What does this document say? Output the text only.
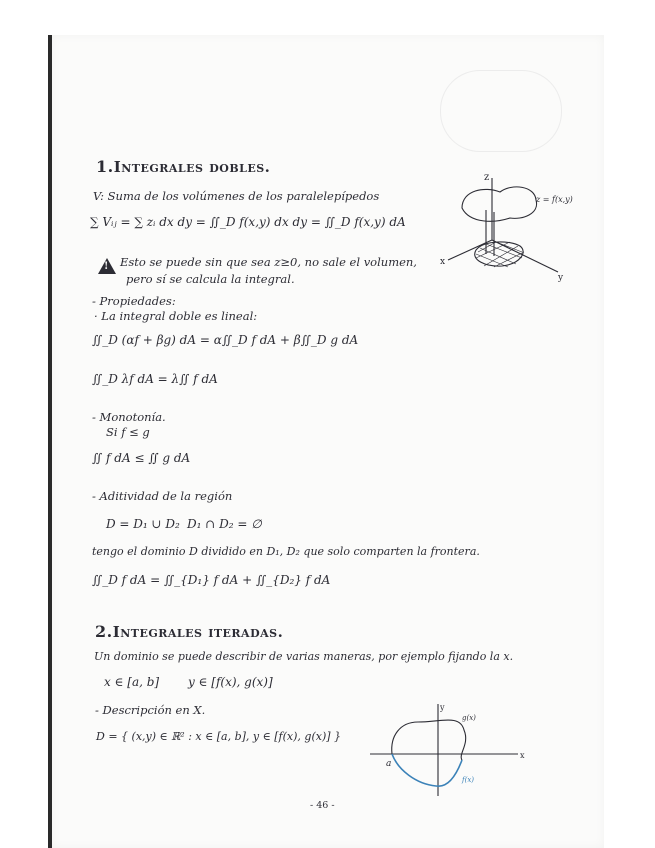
1.Integrales dobles.
V: Suma de los volúmenes de los paralelepípedos
∑ Vᵢⱼ = ∑ zᵢ dx dy = ∬_D f(x,y) dx dy = ∬_D f(x,y) dA
!
Esto se puede sin que sea z≥0, no sale el volumen,
pero sí se calcula la integral.
- Propiedades:
· La integral doble es lineal:
∬_D (αf + βg) dA = α∬_D f dA + β∬_D g dA
∬_D λf dA = λ∬ f dA
- Monotonía.
Si f ≤ g
∬ f dA ≤ ∬ g dA
- Aditividad de la región
D = D₁ ∪ D₂ D₁ ∩ D₂ = ∅
tengo el dominio D dividido en D₁, D₂ que solo comparten la frontera.
∬_D f dA = ∬_{D₁} f dA + ∬_{D₂} f dA
2.Integrales iteradas.
Un dominio se puede describir de varias maneras, por ejemplo fijando la x.
x ∈ [a, b] y ∈ [f(x), g(x)]
- Descripción en X.
D = { (x,y) ∈ ℝ² : x ∈ [a, b], y ∈ [f(x), g(x)] }
z
z = f(x,y)
x
y
y
x
a
g(x)
f(x)
- 46 -
